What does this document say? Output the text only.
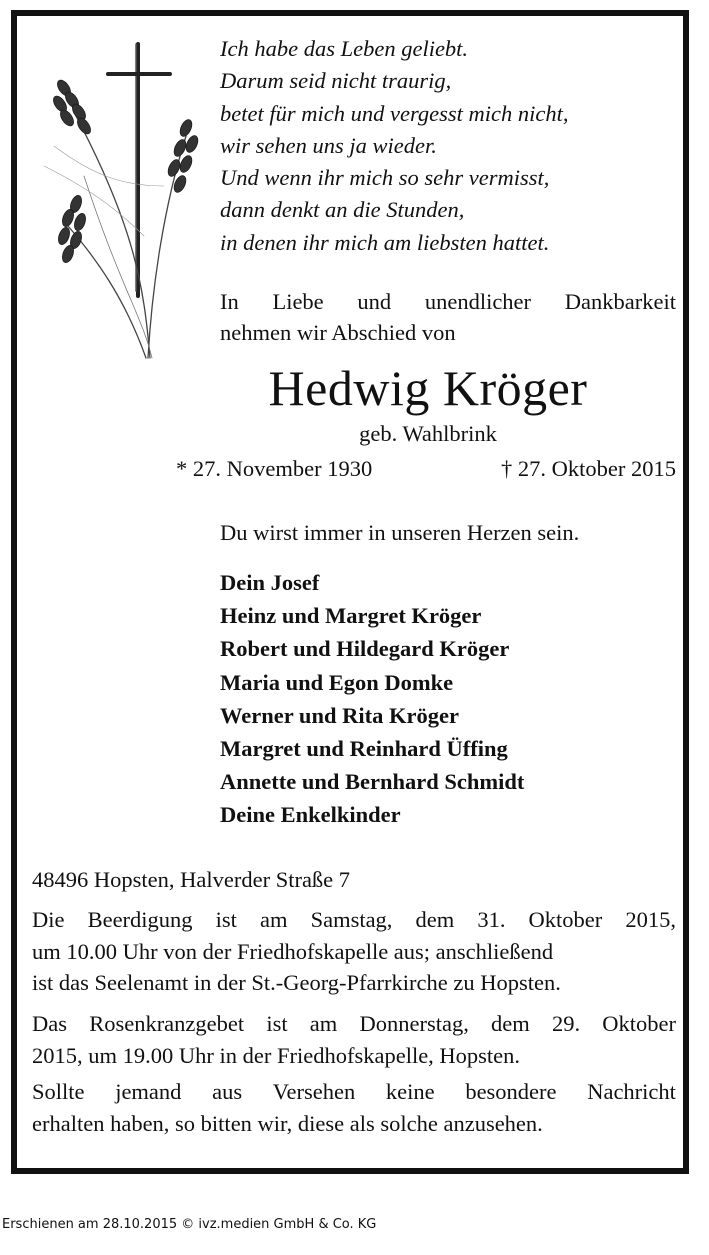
Ich habe das Leben geliebt.
Darum seid nicht traurig,
betet für mich und vergesst mich nicht,
wir sehen uns ja wieder.
Und wenn ihr mich so sehr vermisst,
dann denkt an die Stunden,
in denen ihr mich am liebsten hattet.
In Liebe und unendlicher Dankbarkeit
nehmen wir Abschied von
Hedwig Kröger
geb. Wahlbrink
* 27. November 1930	† 27. Oktober 2015
Du wirst immer in unseren Herzen sein.
Dein Josef
Heinz und Margret Kröger
Robert und Hildegard Kröger
Maria und Egon Domke
Werner und Rita Kröger
Margret und Reinhard Üffing
Annette und Bernhard Schmidt
Deine Enkelkinder
48496 Hopsten, Halverder Straße 7
Die Beerdigung ist am Samstag, dem 31. Oktober 2015,
um 10.00 Uhr von der Friedhofskapelle aus; anschließend
ist das Seelenamt in der St.-Georg-Pfarrkirche zu Hopsten.
Das Rosenkranzgebet ist am Donnerstag, dem 29. Oktober
2015, um 19.00 Uhr in der Friedhofskapelle, Hopsten.
Sollte jemand aus Versehen keine besondere Nachricht
erhalten haben, so bitten wir, diese als solche anzusehen.
Erschienen am 28.10.2015 © ivz.medien GmbH & Co. KG
